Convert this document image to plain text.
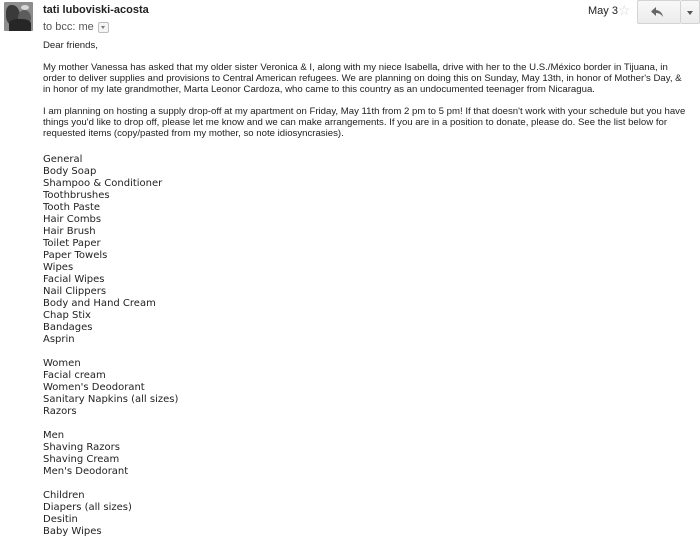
tati luboviski-acosta
to bcc: me
May 3 ☆

Dear friends,

My mother Vanessa has asked that my older sister Veronica & I, along with my niece Isabella, drive with her to the U.S./México border in Tijuana, in order to deliver supplies and provisions to Central American refugees. We are planning on doing this on Sunday, May 13th, in honor of Mother's Day, & in honor of my late grandmother, Marta Leonor Cardoza, who came to this country as an undocumented teenager from Nicaragua.

I am planning on hosting a supply drop-off at my apartment on Friday, May 11th from 2 pm to 5 pm! If that doesn't work with your schedule but you have things you'd like to drop off, please let me know and we can make arrangements. If you are in a position to donate, please do. See the list below for requested items (copy/pasted from my mother, so note idiosyncrasies).

General
Body Soap
Shampoo & Conditioner
Toothbrushes
Tooth Paste
Hair Combs
Hair Brush
Toilet Paper
Paper Towels
Wipes
Facial Wipes
Nail Clippers
Body and Hand Cream
Chap Stix
Bandages
Asprin
Women
Facial cream
Women's Deodorant
Sanitary Napkins (all sizes)
Razors
Men
Shaving Razors
Shaving Cream
Men's Deodorant
Children
Diapers (all sizes)
Desitin
Baby Wipes
